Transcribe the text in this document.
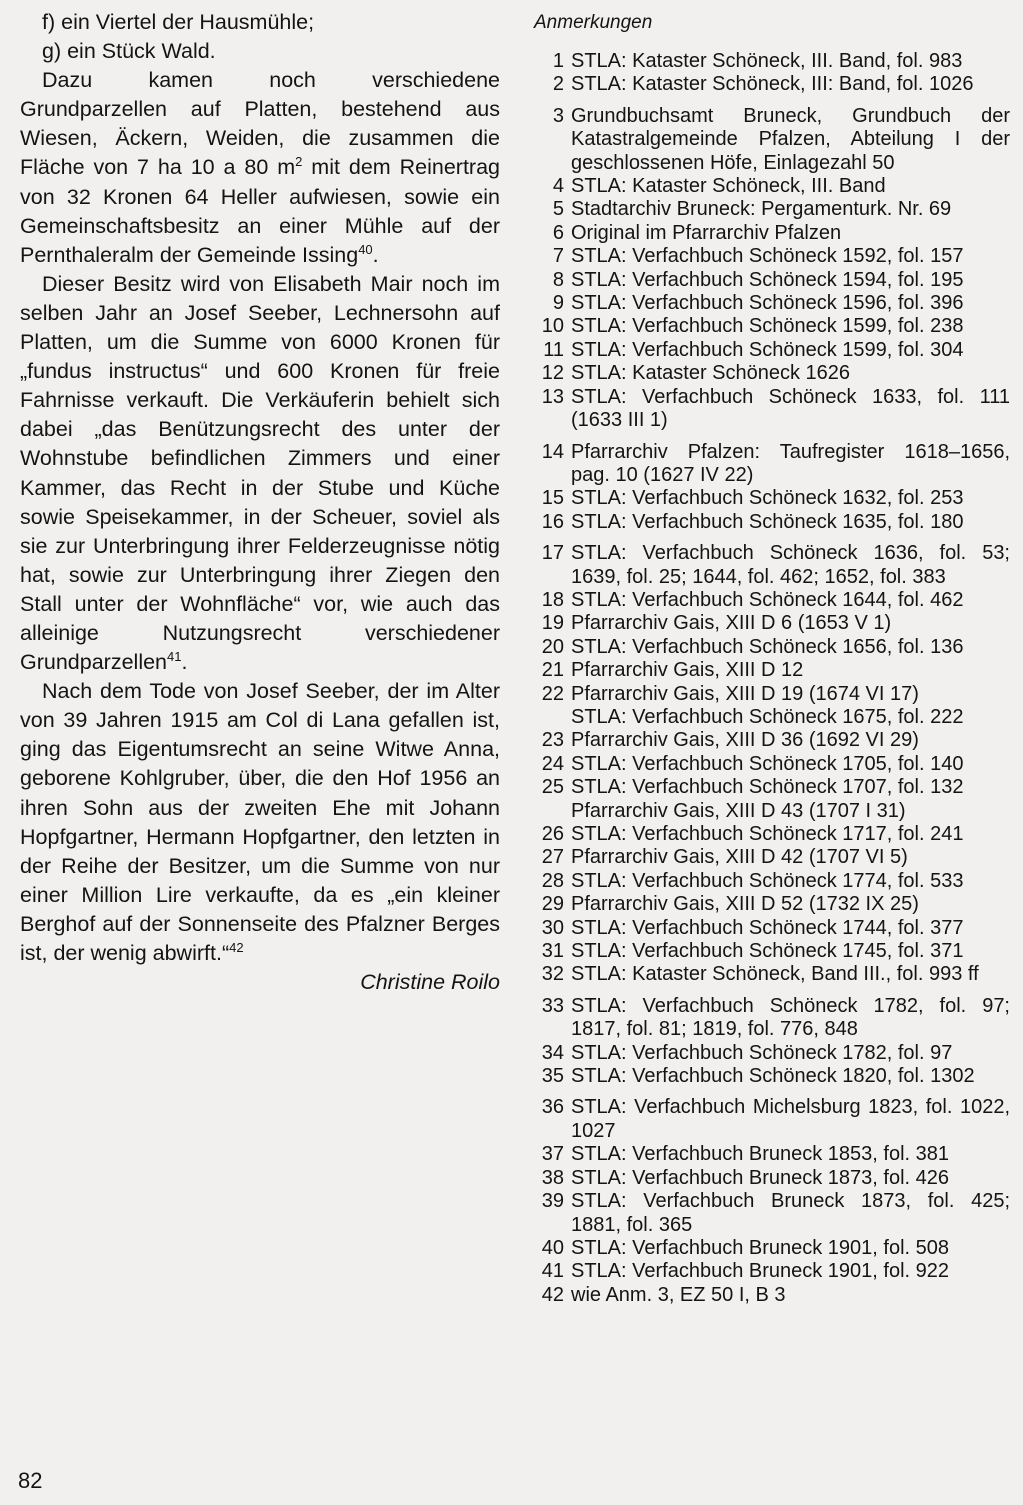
f) ein Viertel der Hausmühle;

g) ein Stück Wald.

Dazu kamen noch verschiedene Grundparzellen auf Platten, bestehend aus Wiesen, Äckern, Weiden, die zusammen die Fläche von 7 ha 10 a 80 $m^2$ mit dem Reinertrag von 32 Kronen 64 Heller aufwiesen, sowie ein Gemeinschaftsbesitz an einer Mühle auf der Pernthaleralm der Gemeinde Issing$^{40}$.

Dieser Besitz wird von Elisabeth Mair noch im selben Jahr an Josef Seeber, Lechnersohn auf Platten, um die Summe von 6000 Kronen für „fundus instructus“ und 600 Kronen für freie Fahrnisse verkauft. Die Verkäuferin behielt sich dabei „das Benützungsrecht des unter der Wohnstube befindlichen Zimmers und einer Kammer, das Recht in der Stube und Küche sowie Speisekammer, in der Scheuer, soviel als sie zur Unterbringung ihrer Felderzeugnisse nötig hat, sowie zur Unterbringung ihrer Ziegen den Stall unter der Wohnfläche“ vor, wie auch das alleinige Nutzungsrecht verschiedener Grundparzellen$^{41}$.

Nach dem Tode von Josef Seeber, der im Alter von 39 Jahren 1915 am Col di Lana gefallen ist, ging das Eigentumsrecht an seine Witwe Anna, geborene Kohlgruber, über, die den Hof 1956 an ihren Sohn aus der zweiten Ehe mit Johann Hopfgartner, Hermann Hopfgartner, den letzten in der Reihe der Besitzer, um die Summe von nur einer Million Lire verkaufte, da es „ein kleiner Berghof auf der Sonnenseite des Pfalzner Berges ist, der wenig abwirft.“$^{42}$

Christine Roilo

Anmerkungen

1 STLA: Kataster Schöneck, III. Band, fol. 983
2 STLA: Kataster Schöneck, III: Band, fol. 1026
3 Grundbuchsamt Bruneck, Grundbuch der Katastralgemeinde Pfalzen, Abteilung I der geschlossenen Höfe, Einlagezahl 50
4 STLA: Kataster Schöneck, III. Band
5 Stadtarchiv Bruneck: Pergamenturk. Nr. 69
6 Original im Pfarrarchiv Pfalzen
7 STLA: Verfachbuch Schöneck 1592, fol. 157
8 STLA: Verfachbuch Schöneck 1594, fol. 195
9 STLA: Verfachbuch Schöneck 1596, fol. 396
10 STLA: Verfachbuch Schöneck 1599, fol. 238
11 STLA: Verfachbuch Schöneck 1599, fol. 304
12 STLA: Kataster Schöneck 1626
13 STLA: Verfachbuch Schöneck 1633, fol. 111 (1633 III 1)
14 Pfarrarchiv Pfalzen: Taufregister 1618–1656, pag. 10 (1627 IV 22)
15 STLA: Verfachbuch Schöneck 1632, fol. 253
16 STLA: Verfachbuch Schöneck 1635, fol. 180
17 STLA: Verfachbuch Schöneck 1636, fol. 53; 1639, fol. 25; 1644, fol. 462; 1652, fol. 383
18 STLA: Verfachbuch Schöneck 1644, fol. 462
19 Pfarrarchiv Gais, XIII D 6 (1653 V 1)
20 STLA: Verfachbuch Schöneck 1656, fol. 136
21 Pfarrarchiv Gais, XIII D 12
22 Pfarrarchiv Gais, XIII D 19 (1674 VI 17)
STLA: Verfachbuch Schöneck 1675, fol. 222
23 Pfarrarchiv Gais, XIII D 36 (1692 VI 29)
24 STLA: Verfachbuch Schöneck 1705, fol. 140
25 STLA: Verfachbuch Schöneck 1707, fol. 132
Pfarrarchiv Gais, XIII D 43 (1707 I 31)
26 STLA: Verfachbuch Schöneck 1717, fol. 241
27 Pfarrarchiv Gais, XIII D 42 (1707 VI 5)
28 STLA: Verfachbuch Schöneck 1774, fol. 533
29 Pfarrarchiv Gais, XIII D 52 (1732 IX 25)
30 STLA: Verfachbuch Schöneck 1744, fol. 377
31 STLA: Verfachbuch Schöneck 1745, fol. 371
32 STLA: Kataster Schöneck, Band III., fol. 993 ff
33 STLA: Verfachbuch Schöneck 1782, fol. 97; 1817, fol. 81; 1819, fol. 776, 848
34 STLA: Verfachbuch Schöneck 1782, fol. 97
35 STLA: Verfachbuch Schöneck 1820, fol. 1302
36 STLA: Verfachbuch Michelsburg 1823, fol. 1022, 1027
37 STLA: Verfachbuch Bruneck 1853, fol. 381
38 STLA: Verfachbuch Bruneck 1873, fol. 426
39 STLA: Verfachbuch Bruneck 1873, fol. 425; 1881, fol. 365
40 STLA: Verfachbuch Bruneck 1901, fol. 508
41 STLA: Verfachbuch Bruneck 1901, fol. 922
42 wie Anm. 3, EZ 50 I, B 3
82
